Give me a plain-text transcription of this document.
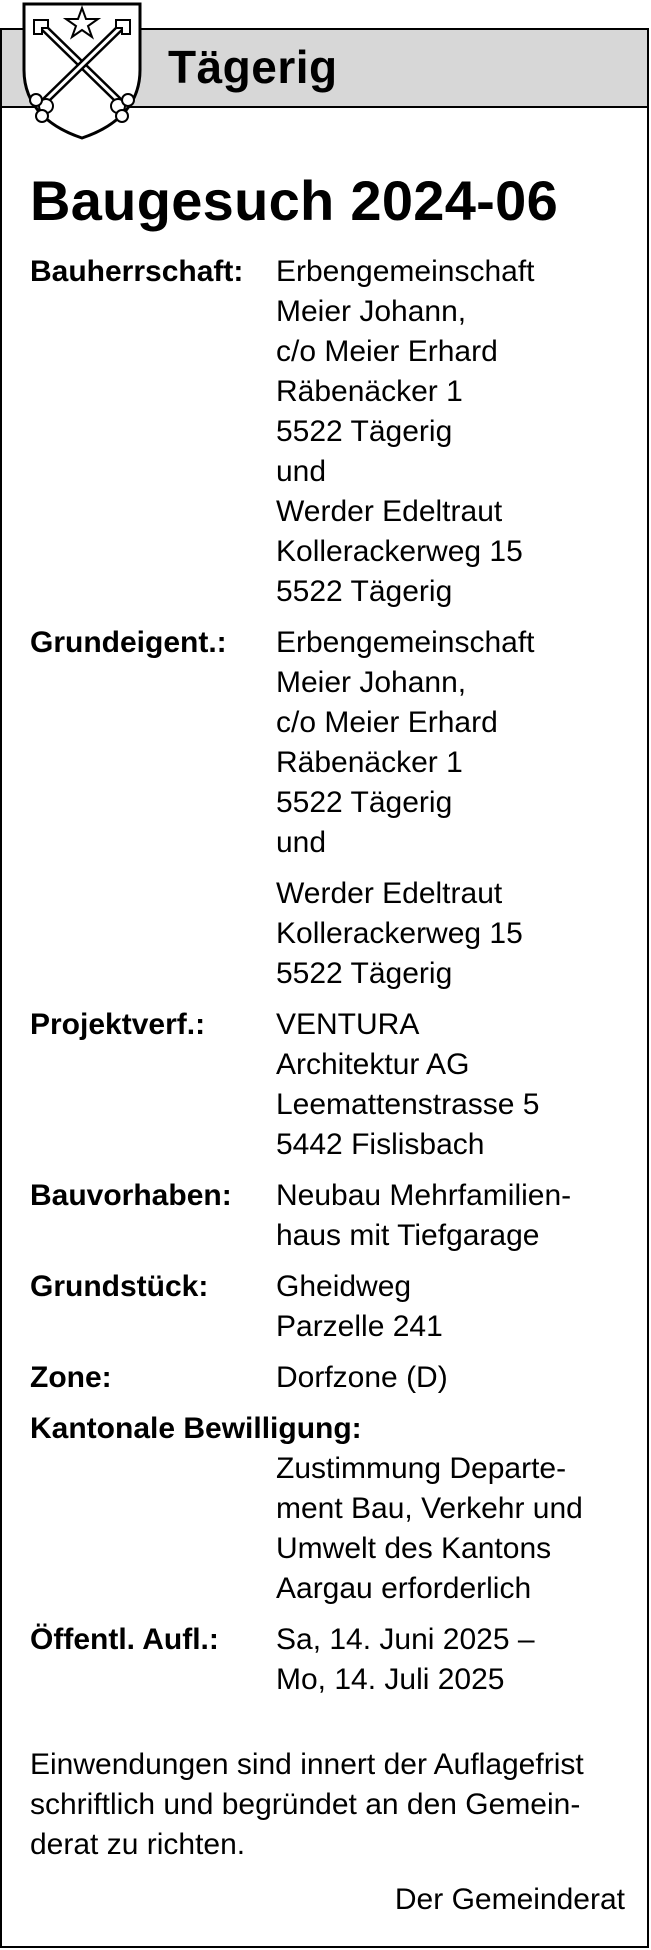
Tägerig
Baugesuch 2024-06
Bauherrschaft:	Erbengemeinschaft
Meier Johann,
c/o Meier Erhard
Räbenäcker 1
5522 Tägerig
und
Werder Edeltraut
Kollerackerweg 15
5522 Tägerig
Grundeigent.:	Erbengemeinschaft
Meier Johann,
c/o Meier Erhard
Räbenäcker 1
5522 Tägerig
und
Werder Edeltraut
Kollerackerweg 15
5522 Tägerig
Projektverf.:	VENTURA
Architektur AG
Leemattenstrasse 5
5442 Fislisbach
Bauvorhaben:	Neubau Mehrfamilien-
haus mit Tiefgarage
Grundstück:	Gheidweg
Parzelle 241
Zone:	Dorfzone (D)
Kantonale Bewilligung:
Zustimmung Departe-
ment Bau, Verkehr und
Umwelt des Kantons
Aargau erforderlich
Öffentl. Aufl.:	Sa, 14. Juni 2025 –
Mo, 14. Juli 2025
Einwendungen sind innert der Auflagefrist
schriftlich und begründet an den Gemein-
derat zu richten.
Der Gemeinderat
